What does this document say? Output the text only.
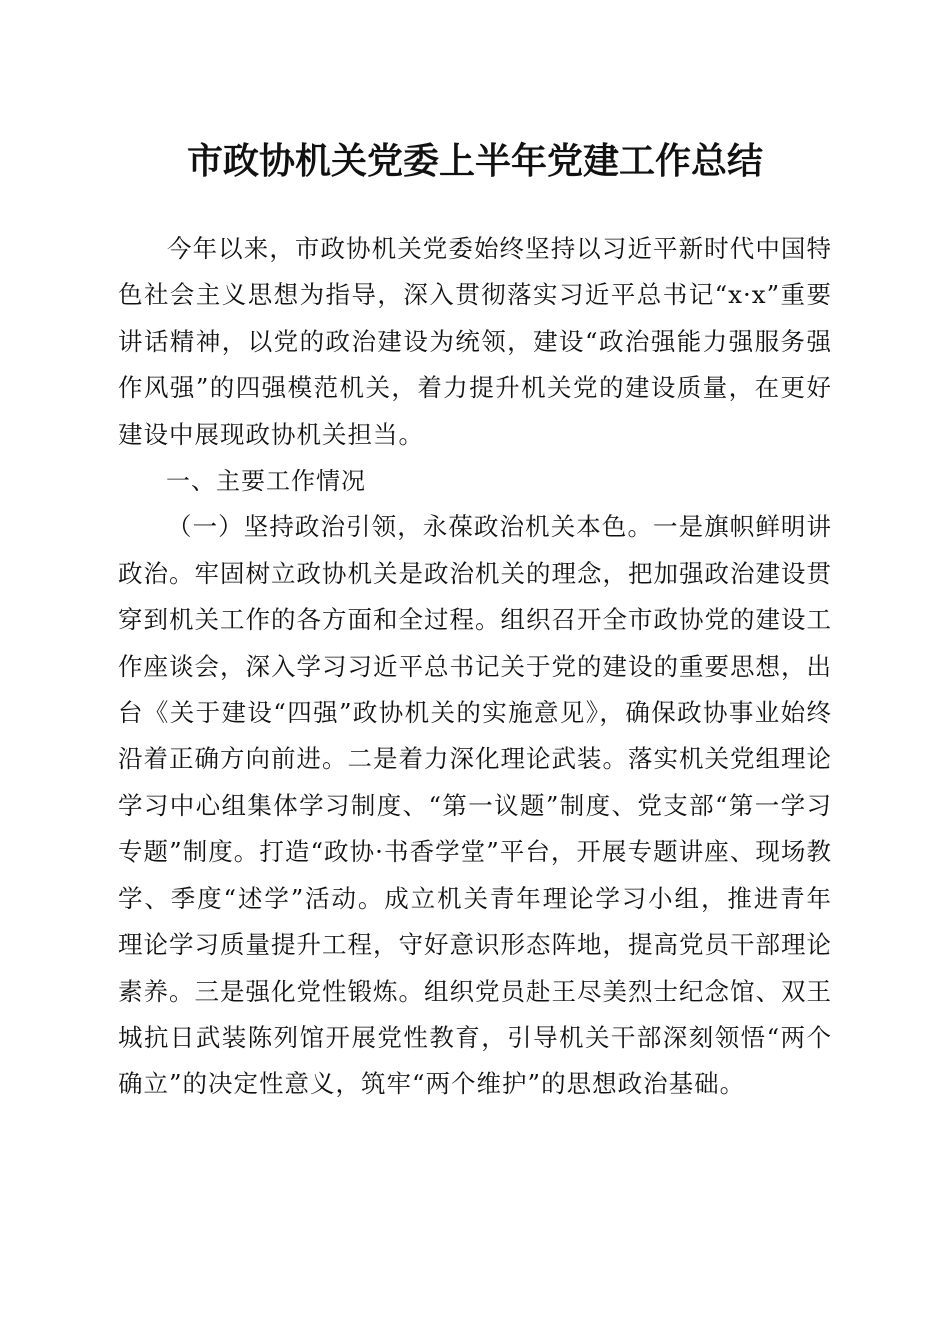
市政协机关党委上半年党建工作总结

今年以来，市政协机关党委始终坚持以习近平新时代中国特色社会主义思想为指导，深入贯彻落实习近平总书记“x·x”重要讲话精神，以党的政治建设为统领，建设“政治强能力强服务强作风强”的四强模范机关，着力提升机关党的建设质量，在更好建设中展现政协机关担当。

一、主要工作情况

（一）坚持政治引领，永葆政治机关本色。一是旗帜鲜明讲政治。牢固树立政协机关是政治机关的理念，把加强政治建设贯穿到机关工作的各方面和全过程。组织召开全市政协党的建设工作座谈会，深入学习习近平总书记关于党的建设的重要思想，出台《关于建设“四强”政协机关的实施意见》，确保政协事业始终沿着正确方向前进。二是着力深化理论武装。落实机关党组理论学习中心组集体学习制度、“第一议题”制度、党支部“第一学习专题”制度。打造“政协·书香学堂”平台，开展专题讲座、现场教学、季度“述学”活动。成立机关青年理论学习小组，推进青年理论学习质量提升工程，守好意识形态阵地，提高党员干部理论素养。三是强化党性锻炼。组织党员赴王尽美烈士纪念馆、双王城抗日武装陈列馆开展党性教育，引导机关干部深刻领悟“两个确立”的决定性意义，筑牢“两个维护”的思想政治基础。
